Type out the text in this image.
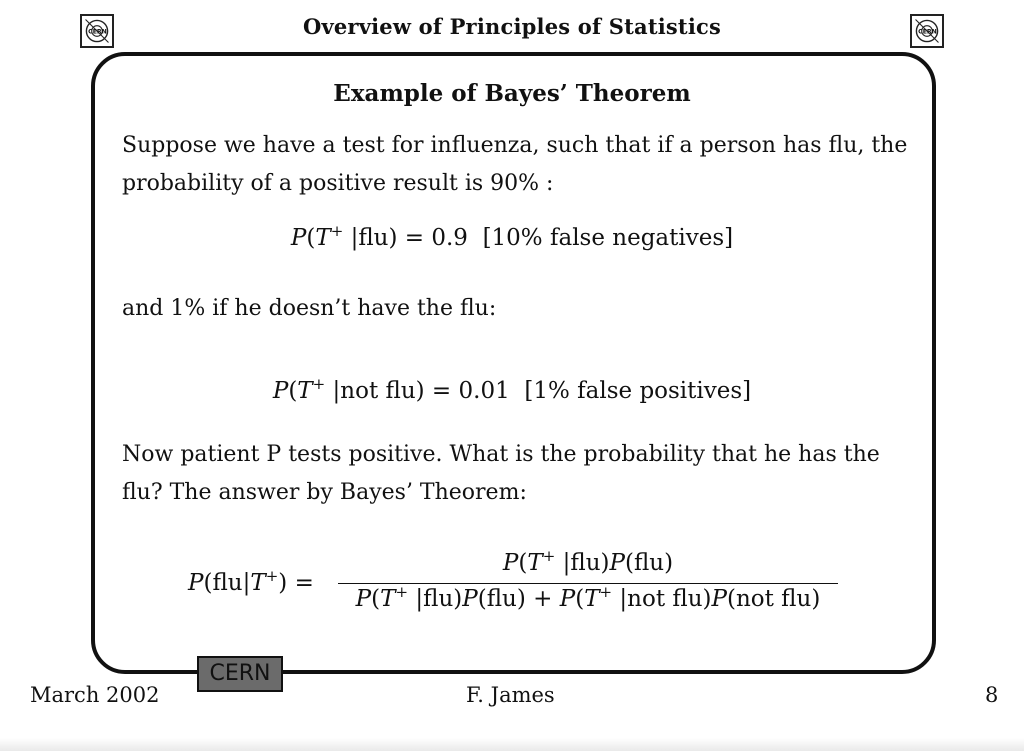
CERN	Overview of Principles of Statistics	CERN
Example of Bayes’ Theorem
Suppose we have a test for influenza, such that if a person has flu, the probability of a positive result is 90% :
P(T+ |flu) = 0.9 [10% false negatives]
and 1% if he doesn’t have the flu:
P(T+ |not flu) = 0.01 [1% false positives]
Now patient P tests positive. What is the probability that he has the flu? The answer by Bayes’ Theorem:
P(flu|T+) =
P(T+ |flu)P(flu)
P(T+ |flu)P(flu) + P(T+ |not flu)P(not flu)
CERN
March 2002	F. James	8
